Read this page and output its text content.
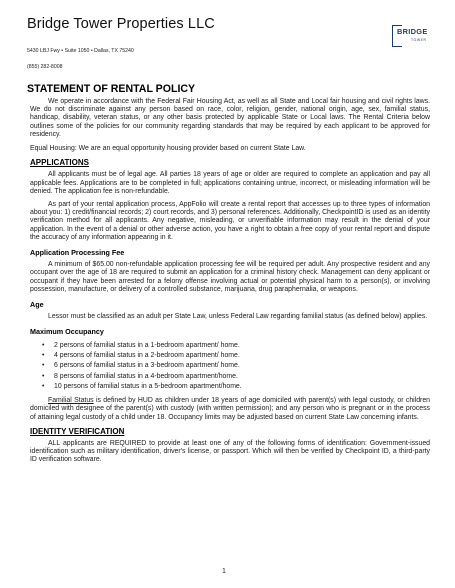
Bridge Tower Properties LLC
5430 LBJ Fwy • Suite 1050 • Dallas, TX 75240
(855) 282-8008
BRIDGE
TOWER
STATEMENT OF RENTAL POLICY

We operate in accordance with the Federal Fair Housing Act, as well as all State and Local fair housing and civil rights laws. We do not discriminate against any person based on race, color, religion, gender, national origin, age, sex, familial status, handicap, disability, veteran status, or any other basis protected by applicable State or Local laws. The Rental Criteria below outlines some of the policies for our community regarding standards that may be required by each applicant to be approved for residency.

Equal Housing: We are an equal opportunity housing provider based on current State Law.

APPLICATIONS

All applicants must be of legal age. All parties 18 years of age or older are required to complete an application and pay all applicable fees. Applications are to be completed in full; applications containing untrue, incorrect, or misleading information will be denied. The application fee is non-refundable.

As part of your rental application process, AppFolio will create a rental report that accesses up to three types of information about you: 1) credit/financial records; 2) court records, and 3) personal references. Additionally, CheckpointID is used as an identity verification method for all applicants. Any negative, misleading, or unverifiable information may result in the denial of your application. In the event of a denial or other adverse action, you have a right to obtain a free copy of your rental report and dispute the accuracy of any information appearing in it.

Application Processing Fee

A minimum of $65.00 non-refundable application processing fee will be required per adult. Any prospective resident and any occupant over the age of 18 are required to submit an application for a criminal history check. Management can deny applicant or occupant if they have been arrested for a felony offense involving actual or potential physical harm to a person(s), or involving possession, manufacture, or delivery of a controlled substance, marijuana, drug paraphernalia, or weapons.

Age

Lessor must be classified as an adult per State Law, unless Federal Law regarding familial status (as defined below) applies.

Maximum Occupancy
• 2 persons of familial status in a 1-bedroom apartment/ home.
• 4 persons of familial status in a 2-bedroom apartment/ home.
• 6 persons of familial status in a 3-bedroom apartment/ home.
• 8 persons of familial status in a 4-bedroom apartment/home.
• 10 persons of familial status in a 5-bedroom apartment/home.

Familial Status is defined by HUD as children under 18 years of age domiciled with parent(s) with legal custody, or children domiciled with designee of the parent(s) with custody (with written permission); and any person who is pregnant or in the process of attaining legal custody of a child under 18. Occupancy limits may be adjusted based on current State Law concerning infants.

IDENTITY VERIFICATION

ALL applicants are REQUIRED to provide at least one of any of the following forms of identification: Government-issued identification such as military identification, driver's license, or passport. Which will then be verified by Checkpoint ID, a third-party ID verification software.

1
